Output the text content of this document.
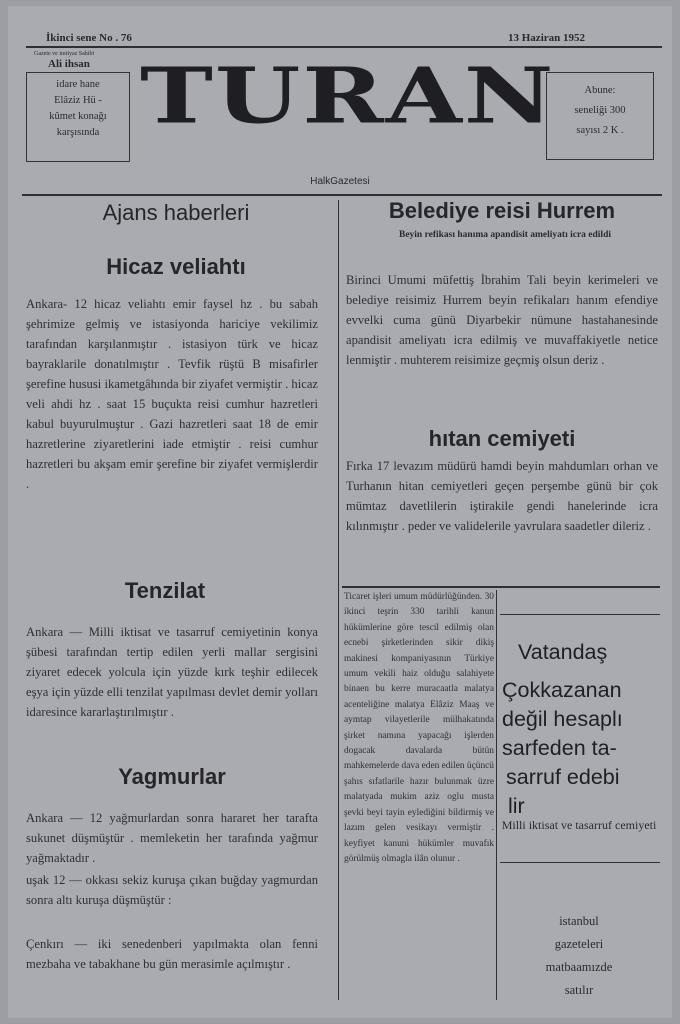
İkinci sene No . 76	13 Haziran 1952
Gazete ve imtiyaz Sahibi
Ali ihsan
idare hane
Elâziz Hü -
kûmet konağı
karşısında TURAN	Abune:
seneliği 300
sayısı 2 K .
HalkGazetesi
Ajans haberleri
Hicaz veliahtı
Ankara- 12 hicaz veliahtı emir faysel hz . bu sabah şehrimize gelmiş ve istasiyonda hariciye vekilimiz tarafından karşılanmıştır . istasiyon türk ve hicaz bayraklarile donatılmıştır . Tevfik rüştü B misafirler şerefine hususi ikametgâhında bir ziyafet vermiştir . hicaz veli ahdi hz . saat 15 buçukta reisi cumhur hazretleri kabul buyurulmuştur . Gazi hazretleri saat 18 de emir hazretlerine ziyaretlerini iade etmiştir . reisi cumhur hazretleri bu akşam emir şerefine bir ziyafet vermişlerdir .
Tenzilat
Ankara — Milli iktisat ve tasarruf cemiyetinin konya şübesi tarafından tertip edilen yerli mallar sergisini ziyaret edecek yolcula için yüzde kırk teşhir edilecek eşya için yüzde elli tenzilat yapılması devlet demir yolları idaresince kararlaştırılmıştır .
Yagmurlar
Ankara — 12 yağmurlardan sonra hararet her tarafta sukunet düşmüştür . memleketin her tarafında yağmur yağmaktadır .
uşak 12 — okkası sekiz kuruşa çıkan buğday yagmurdan sonra altı kuruşa düşmüştür :
Çenkırı — iki senedenberi yapılmakta olan fenni mezbaha ve tabakhane bu gün merasimle açılmıştır .
Belediye reisi Hurrem
Beyin refikası hanıma apandisit ameliyatı icra edildi
Birinci Umumi müfettiş İbrahim Tali beyin kerimeleri ve belediye reisimiz Hurrem beyin refikaları hanım efendiye evvelki cuma günü Diyarbekir nümune hastahanesinde apandisit ameliyatı icra edilmiş ve muvaffakiyetle netice lenmiştir . muhterem reisimize geçmiş olsun deriz .
hıtan cemiyeti
Fırka 17 levazım müdürü hamdi beyin mahdumları orhan ve Turhanın hitan cemiyetleri geçen perşembe günü bir çok mümtaz davetlilerin iştirakile gendi hanelerinde icra kılınmıştır . peder ve validelerile yavrulara saadetler dileriz .
Ticaret işleri umum müdürlüğünden. 30 ikinci teşrin 330 tarihli kanun hükümlerine göre tescil edilmiş olan ecnebi şirketlerinden sikir dikiş makinesi kompaniyasının Türkiye umum vekili haiz olduğu salahiyete binaen bu kerre muracaatla malatya acenteliğine malatya Elâziz Maaş ve aymtap vilayetlerile mülhakatında şirket namına yapacağı işlerden dogacak davalarda bütün mahkemelerde dava eden edilen üçüncü şahıs sıfatlarile hazır bulunmak üzre malatyada mukim aziz oglu musta şevki beyi tayin eylediğini bildirmiş ve lazım gelen vesikayı vermiştir . keyfiyet kanuni hükümler muvafık görülmüş olmagla ilân olunur .
Vatandaş
Çokkazanan
değil hesaplı
sarfeden ta-
sarruf edebi
lir
Milli iktisat ve tasarruf cemiyeti
istanbul
gazeteleri
matbaamızde
satılır
